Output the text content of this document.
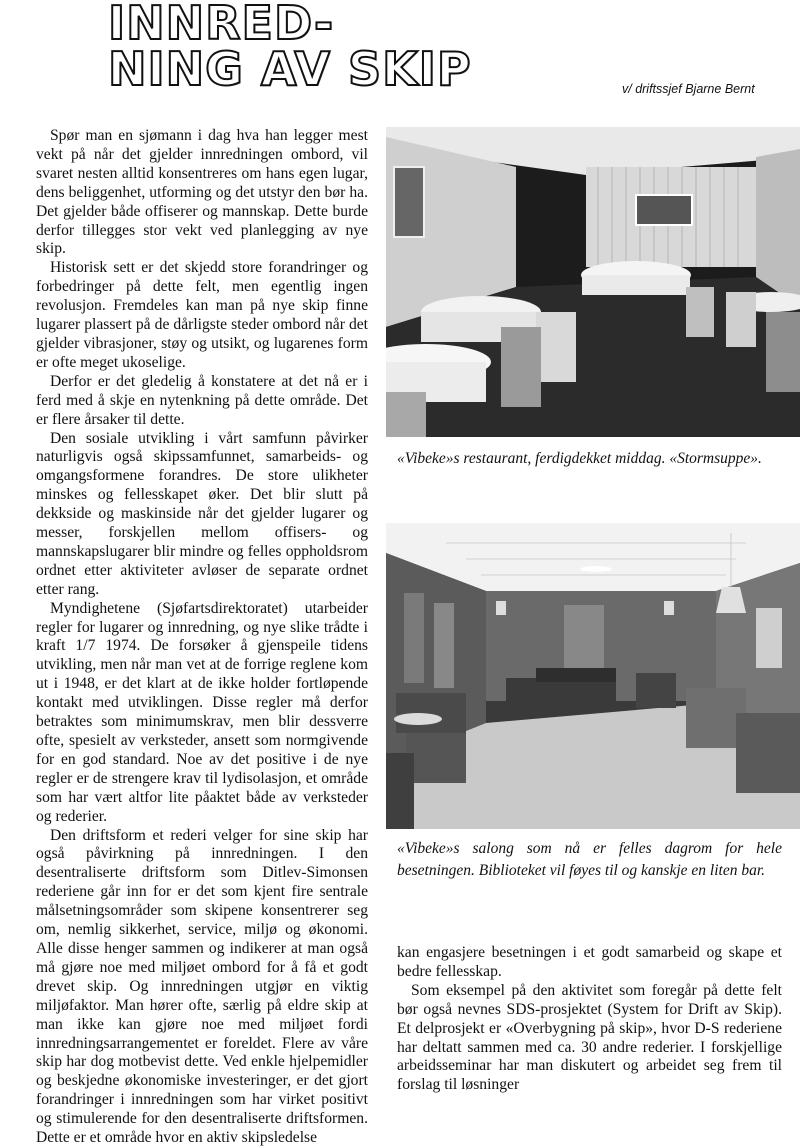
INNRED-
NING AV SKIP	v/ driftssjef Bjarne Bernt

Spør man en sjømann i dag hva han legger mest vekt på når det gjelder innredningen ombord, vil svaret nesten alltid konsentreres om hans egen lugar, dens beliggenhet, utforming og det utstyr den bør ha. Det gjelder både offiserer og mannskap. Dette burde derfor tillegges stor vekt ved planlegging av nye skip.

Historisk sett er det skjedd store forandringer og forbedringer på dette felt, men egentlig ingen revolusjon. Fremdeles kan man på nye skip finne lugarer plassert på de dårligste steder ombord når det gjelder vibrasjoner, støy og utsikt, og lugarenes form er ofte meget ukoselige.

Derfor er det gledelig å konstatere at det nå er i ferd med å skje en nytenkning på dette område. Det er flere årsaker til dette.

Den sosiale utvikling i vårt samfunn påvirker naturligvis også skipssamfunnet, samarbeids- og omgangsformene forandres. De store ulikheter minskes og fellesskapet øker. Det blir slutt på dekkside og maskinside når det gjelder lugarer og messer, forskjellen mellom offisers- og mannskapslugarer blir mindre og felles oppholdsrom ordnet etter aktiviteter avløser de separate ordnet etter rang.

Myndighetene (Sjøfartsdirektoratet) utarbeider regler for lugarer og innredning, og nye slike trådte i kraft 1/7 1974. De forsøker å gjenspeile tidens utvikling, men når man vet at de forrige reglene kom ut i 1948, er det klart at de ikke holder fortløpende kontakt med utviklingen. Disse regler må derfor betraktes som minimumskrav, men blir dessverre ofte, spesielt av verksteder, ansett som normgivende for en god standard. Noe av det positive i de nye regler er de strengere krav til lydisolasjon, et område som har vært altfor lite påaktet både av verksteder og rederier.

Den driftsform et rederi velger for sine skip har også påvirkning på innredningen. I den desentraliserte driftsform som Ditlev-Simonsen rederiene går inn for er det som kjent fire sentrale målsetningsområder som skipene konsentrerer seg om, nemlig sikkerhet, service, miljø og økonomi. Alle disse henger sammen og indikerer at man også må gjøre noe med miljøet ombord for å få et godt drevet skip. Og innredningen utgjør en viktig miljøfaktor. Man hører ofte, særlig på eldre skip at man ikke kan gjøre noe med miljøet fordi innredningsarrangementet er foreldet. Flere av våre skip har dog motbevist dette. Ved enkle hjelpemidler og beskjedne økonomiske investeringer, er det gjort forandringer i innredningen som har virket positivt og stimulerende for den desentraliserte driftsformen. Dette er et område hvor en aktiv skipsledelse

«Vibeke»s restaurant, ferdigdekket middag. «Stormsuppe».
«Vibeke»s salong som nå er felles dagrom for hele besetningen. Biblioteket vil føyes til og kanskje en liten bar.

kan engasjere besetningen i et godt samarbeid og skape et bedre fellesskap.

Som eksempel på den aktivitet som foregår på dette felt bør også nevnes SDS-prosjektet (System for Drift av Skip). Et delprosjekt er «Overbygning på skip», hvor D-S rederiene har deltatt sammen med ca. 30 andre rederier. I forskjellige arbeidsseminar har man diskutert og arbeidet seg frem til forslag til løsninger
